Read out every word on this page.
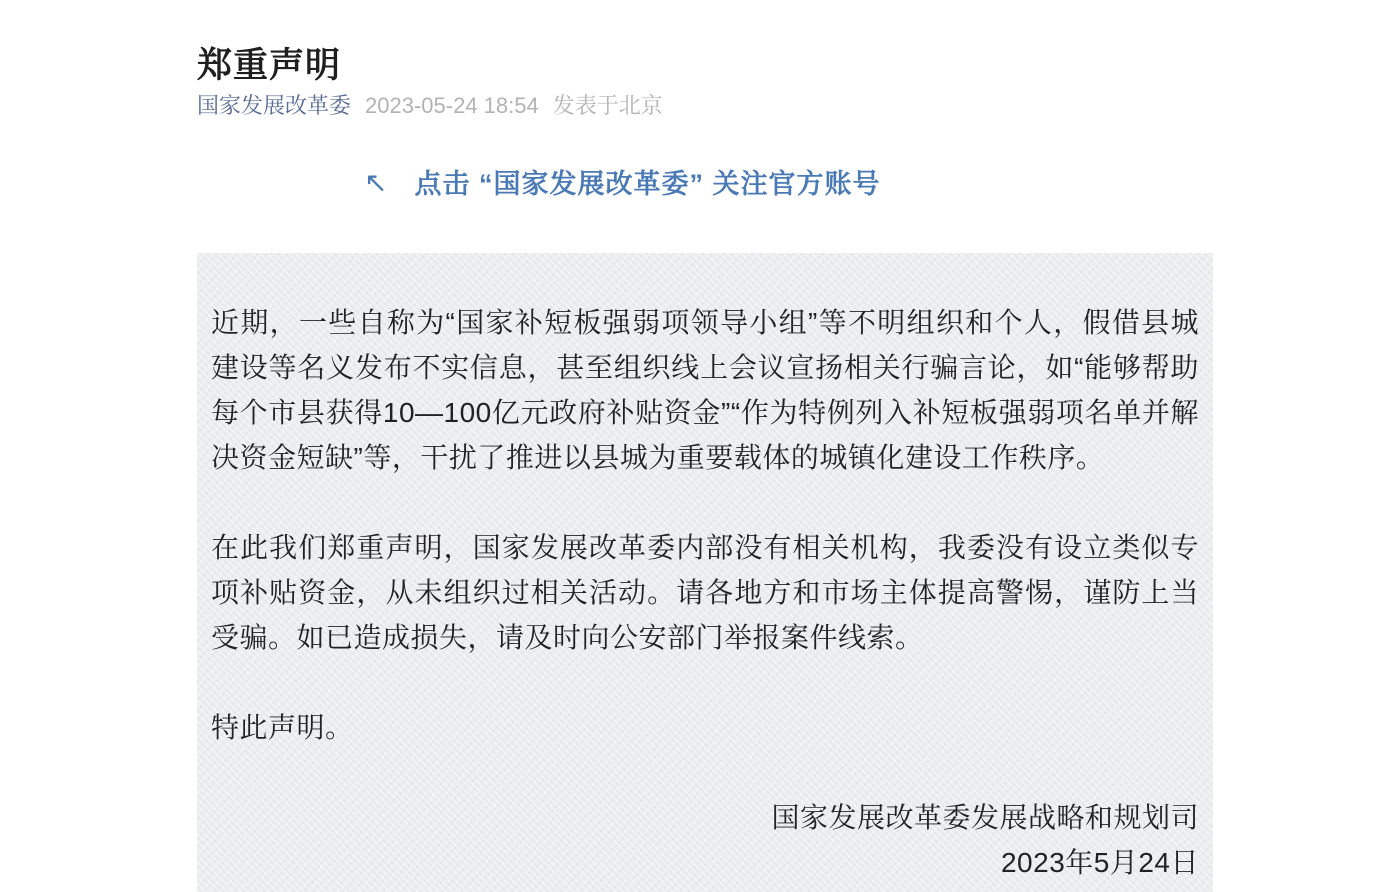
郑重声明
国家发展改革委 2023-05-24 18:54 发表于北京
↖ 点击 “国家发展改革委” 关注官方账号

近期，一些自称为“国家补短板强弱项领导小组”等不明组织和个人，假借县城建设等名义发布不实信息，甚至组织线上会议宣扬相关行骗言论，如“能够帮助每个市县获得10—100亿元政府补贴资金”“作为特例列入补短板强弱项名单并解决资金短缺”等，干扰了推进以县城为重要载体的城镇化建设工作秩序。

在此我们郑重声明，国家发展改革委内部没有相关机构，我委没有设立类似专项补贴资金，从未组织过相关活动。请各地方和市场主体提高警惕，谨防上当受骗。如已造成损失，请及时向公安部门举报案件线索。

特此声明。

国家发展改革委发展战略和规划司
2023年5月24日
